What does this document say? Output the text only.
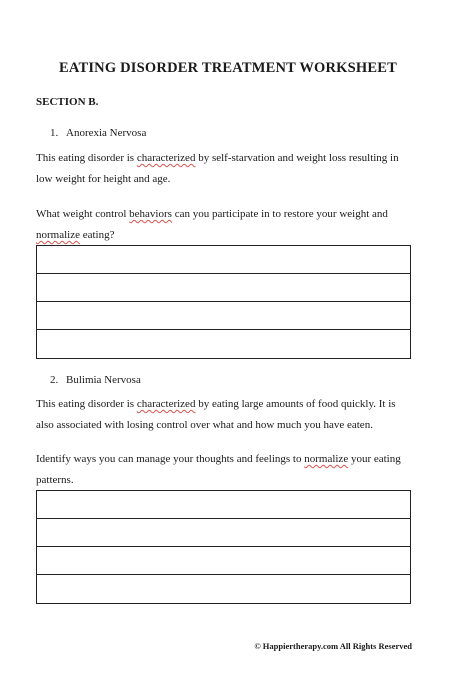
EATING DISORDER TREATMENT WORKSHEET
SECTION B.
1. Anorexia Nervosa
This eating disorder is characterized by self-starvation and weight loss resulting in low weight for height and age.
What weight control behaviors can you participate in to restore your weight and normalize eating?
2. Bulimia Nervosa
This eating disorder is characterized by eating large amounts of food quickly. It is also associated with losing control over what and how much you have eaten.
Identify ways you can manage your thoughts and feelings to normalize your eating patterns.
© Happiertherapy.com All Rights Reserved
